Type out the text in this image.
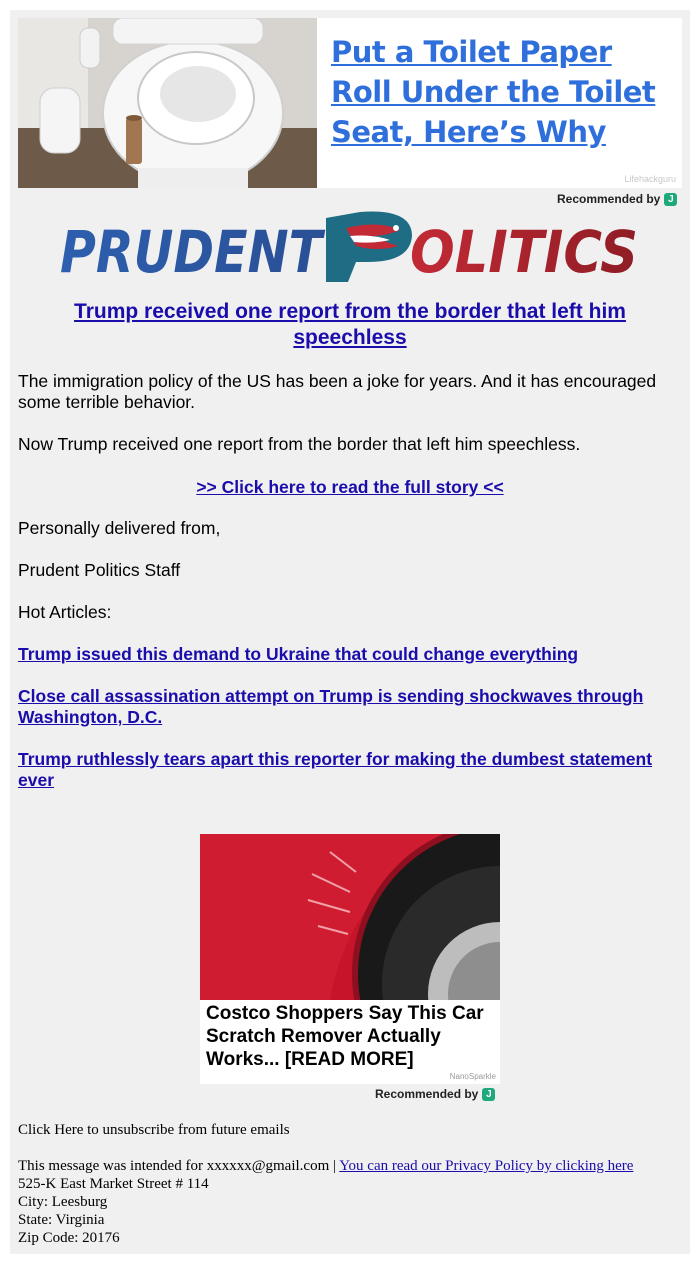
Put a Toilet Paper Roll Under the Toilet Seat, Here’s Why
Lifehackguru
Recommended by J
PRUDENT OLITICS
Trump received one report from the border that left him speechless
The immigration policy of the US has been a joke for years. And it has encouraged some terrible behavior.
Now Trump received one report from the border that left him speechless.
>> Click here to read the full story <<
Personally delivered from,
Prudent Politics Staff
Hot Articles:
Trump issued this demand to Ukraine that could change everything
Close call assassination attempt on Trump is sending shockwaves through Washington, D.C.
Trump ruthlessly tears apart this reporter for making the dumbest statement ever
Costco Shoppers Say This Car Scratch Remover Actually Works... [READ MORE]
NanoSparkle
Recommended by J
Click Here to unsubscribe from future emails
This message was intended for xxxxxx@gmail.com | You can read our Privacy Policy by clicking here
525-K East Market Street # 114
City: Leesburg
State: Virginia
Zip Code: 20176
